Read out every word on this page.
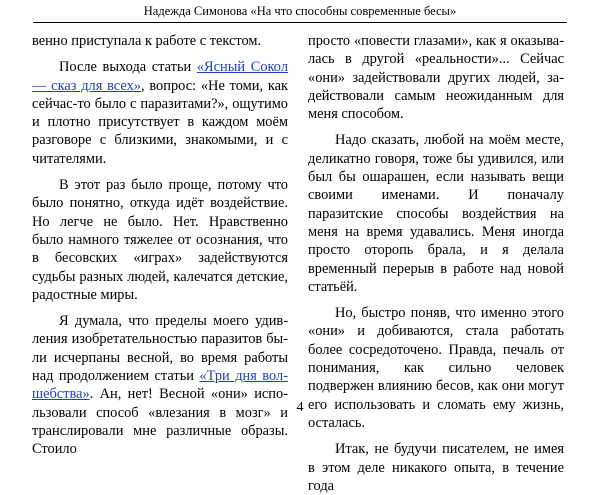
Надежда Симонова «На что способны современные бесы»

венно приступала к работе с текстом.

После выхода статьи «Ясный Сокол — сказ для всех», вопрос: «Не томи, как сейчас-то было с паразитами?», ощутимо и плотно присутствует в каждом моём разговоре с близкими, знакомыми, и с читателями.

В этот раз было проще, потому что было понятно, откуда идёт воздействие. Но легче не было. Нет. Нравственно было намного тяжелее от осознания, что в бесовских «играх» задействуются судьбы разных людей, калечатся детские, радостные миры.

Я думала, что пределы моего удивления изобретательностью паразитов были исчерпаны весной, во время работы над продолжением статьи «Три дня волшебства». Ан, нет! Весной «они» использовали способ «влезания в мозг» и транслировали мне различные образы. Стоило

просто «повести глазами», как я оказывалась в другой «реальности»... Сейчас «они» задействовали других людей, задействовали самым неожиданным для меня способом.

Надо сказать, любой на моём месте, деликатно говоря, тоже бы удивился, или был бы ошарашен, если называть вещи своими именами. И поначалу паразитские способы воздействия на меня на время удавались. Меня иногда просто оторопь брала, и я делала временный перерыв в работе над новой статьёй.

Но, быстро поняв, что именно этого «они» и добиваются, стала работать более сосредоточено. Правда, печаль от понимания, как сильно человек подвержен влиянию бесов, как они могут его использовать и сломать ему жизнь, осталась.

Итак, не будучи писателем, не имея в этом деле никакого опыта, в течение года

4
